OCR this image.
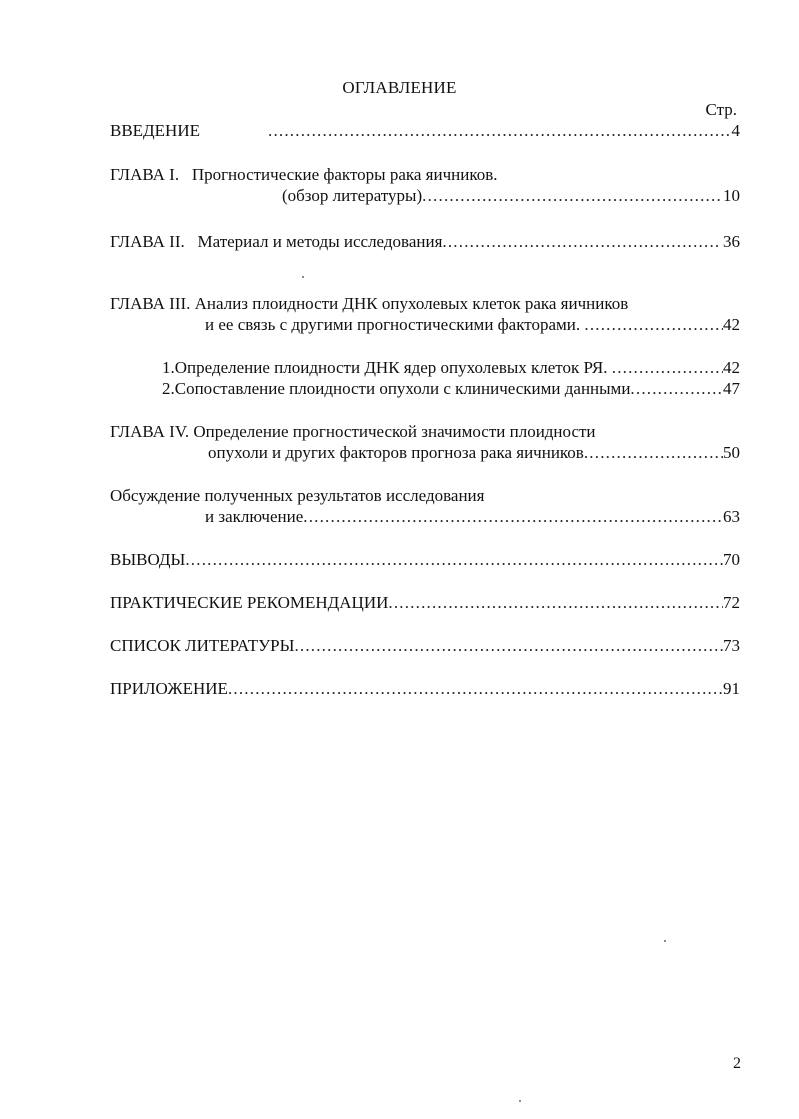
ОГЛАВЛЕНИЕ
Стр.
ВВЕДЕНИЕ .....	4
ГЛАВА I.   Прогностические факторы рака яичников.
(обзор литературы) .....	10
ГЛАВА II.   Материал и методы исследования .....	36
ГЛАВА III. Анализ плоидности ДНК опухолевых клеток рака яичников
и ее связь с другими прогностическими факторами. .....	42
1.Определение плоидности ДНК ядер опухолевых клеток РЯ. .....	42
2.Сопоставление плоидности опухоли с клиническими данными .....	47
ГЛАВА IV. Определение прогностической значимости плоидности
опухоли и других факторов прогноза рака яичников .....	50
Обсуждение полученных результатов исследования
и заключение .....	63
ВЫВОДЫ .....	70
ПРАКТИЧЕСКИЕ РЕКОМЕНДАЦИИ .....	72
СПИСОК ЛИТЕРАТУРЫ .....	73
ПРИЛОЖЕНИЕ .....	91
2
